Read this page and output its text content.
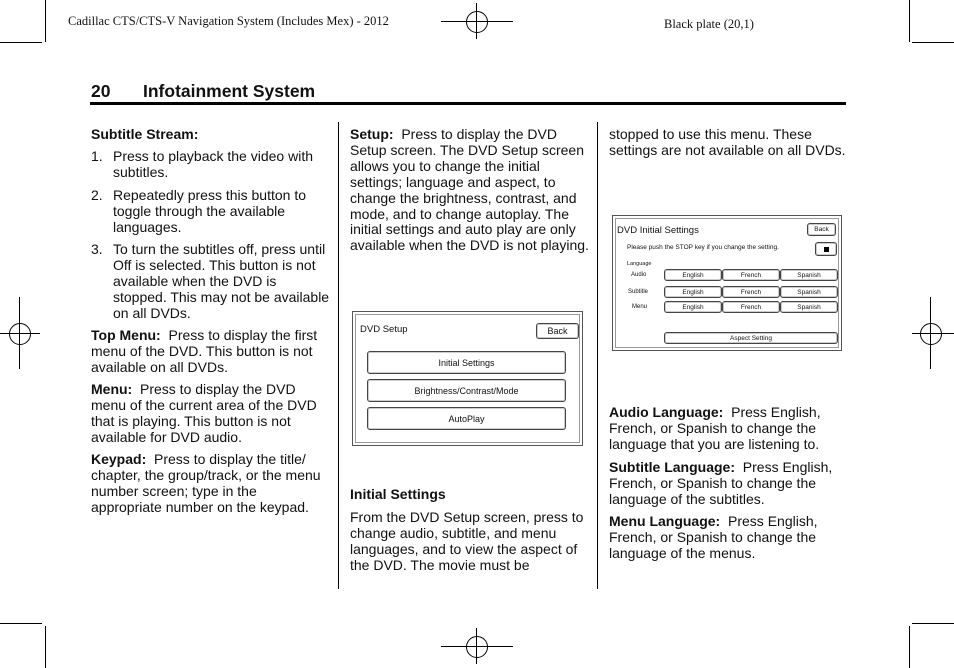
Cadillac CTS/CTS-V Navigation System (Includes Mex) - 2012	Black plate (20,1)
20 Infotainment System

Subtitle Stream:

1. Press to playback the video with subtitles.
2. Repeatedly press this button to toggle through the available languages.
3. To turn the subtitles off, press until Off is selected. This button is not available when the DVD is stopped. This may not be available on all DVDs.

Top Menu: Press to display the first menu of the DVD. This button is not available on all DVDs.

Menu: Press to display the DVD menu of the current area of the DVD that is playing. This button is not available for DVD audio.

Keypad: Press to display the title/ chapter, the group/track, or the menu number screen; type in the appropriate number on the keypad.

Setup: Press to display the DVD Setup screen. The DVD Setup screen allows you to change the initial settings; language and aspect, to change the brightness, contrast, and mode, and to change autoplay. The initial settings and auto play are only available when the DVD is not playing.

Initial Settings
From the DVD Setup screen, press to change audio, subtitle, and menu languages, and to view the aspect of the DVD. The movie must be
DVD Setup	Back
Initial Settings
Brightness/Contrast/Mode
AutoPlay

stopped to use this menu. These settings are not available on all DVDs.

DVD Initial Settings	Back
Please push the STOP key if you change the setting.
Language
Audio	English	French	Spanish
Subtitle	English	French	Spanish
Menu	English	French	Spanish
Aspect Setting
Audio Language: Press English, French, or Spanish to change the language that you are listening to.
Subtitle Language: Press English, French, or Spanish to change the language of the subtitles.
Menu Language: Press English, French, or Spanish to change the language of the menus.
